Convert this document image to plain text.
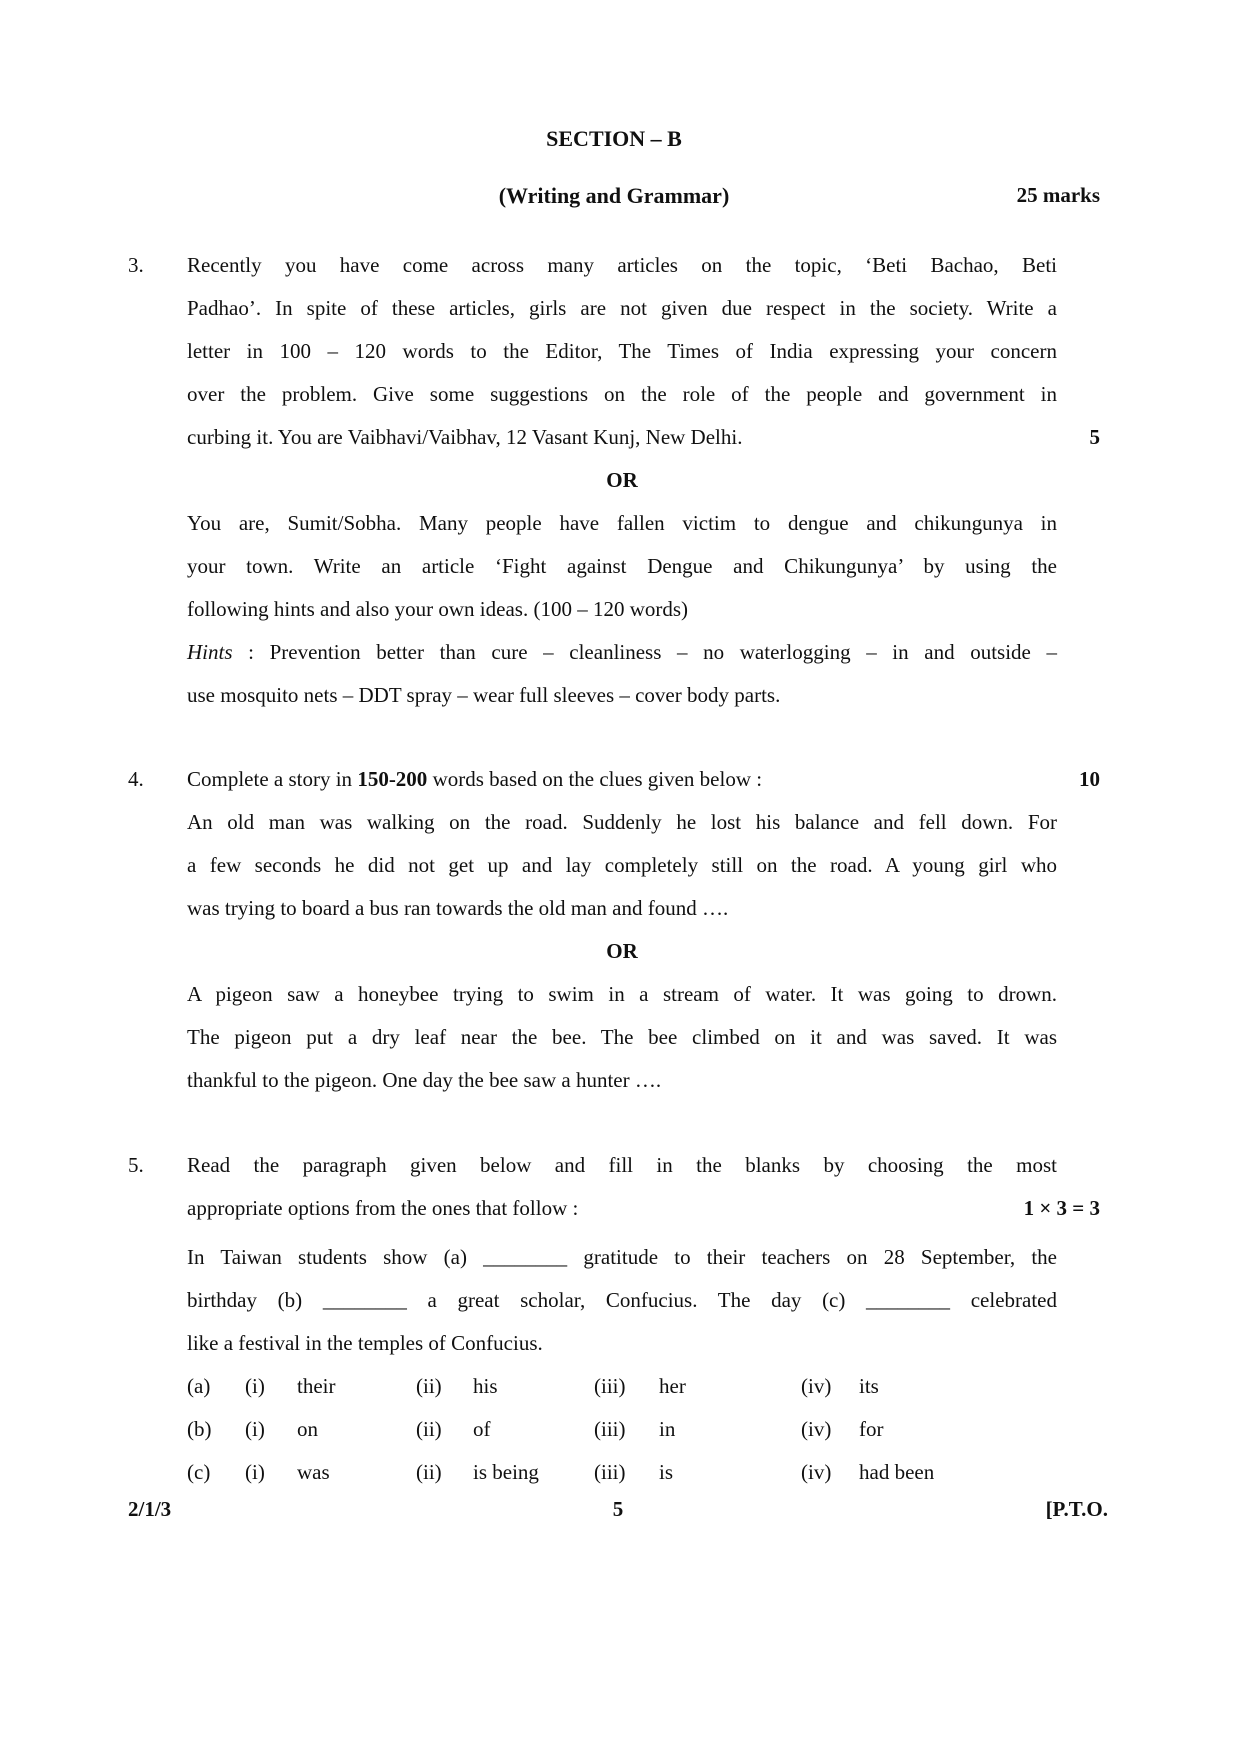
SECTION – B
(Writing and Grammar)	25 marks
3.
5
Recently you have come across many articles on the topic, ‘Beti Bachao, Beti
Padhao’. In spite of these articles, girls are not given due respect in the society. Write a
letter in 100 – 120 words to the Editor, The Times of India expressing your concern
over the problem. Give some suggestions on the role of the people and government in
curbing it. You are Vaibhavi/Vaibhav, 12 Vasant Kunj, New Delhi.
OR
You are, Sumit/Sobha. Many people have fallen victim to dengue and chikungunya in
your town. Write an article ‘Fight against Dengue and Chikungunya’ by using the
following hints and also your own ideas. (100 – 120 words)
Hints : Prevention better than cure – cleanliness – no waterlogging – in and outside –
use mosquito nets – DDT spray – wear full sleeves – cover body parts.
4.	10
Complete a story in 150-200 words based on the clues given below :
An old man was walking on the road. Suddenly he lost his balance and fell down. For
a few seconds he did not get up and lay completely still on the road. A young girl who
was trying to board a bus ran towards the old man and found ….
OR
A pigeon saw a honeybee trying to swim in a stream of water. It was going to drown.
The pigeon put a dry leaf near the bee. The bee climbed on it and was saved. It was
thankful to the pigeon. One day the bee saw a hunter ….
5.
1 × 3 = 3
Read the paragraph given below and fill in the blanks by choosing the most
appropriate options from the ones that follow :
In Taiwan students show (a) ________ gratitude to their teachers on 28 September, the
birthday (b) ________ a great scholar, Confucius. The day (c) ________ celebrated
like a festival in the temples of Confucius.
(a)	(i)	their	(ii)	his	(iii)	her	(iv)	its
(b)	(i)	on	(ii)	of	(iii)	in	(iv)	for
(c)	(i)	was	(ii)	is being	(iii)	is	(iv)	had been
2/1/3	5	[P.T.O.
